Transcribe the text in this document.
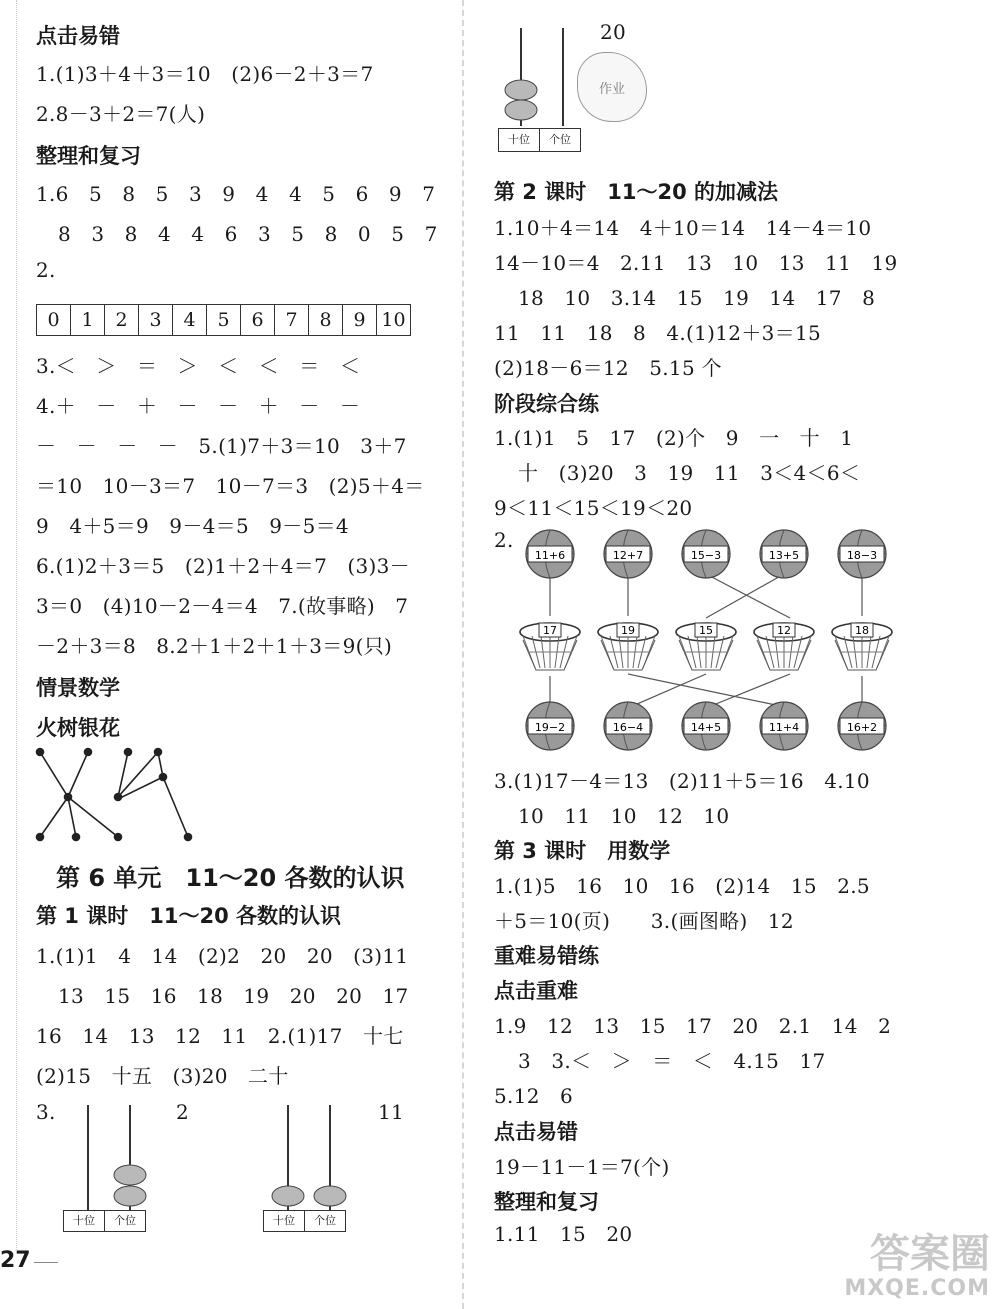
点击易错
1.(1)3＋4＋3＝10　(2)6－2＋3＝7
2.8－3＋2＝7(人)
整理和复习
1.6　5　8　5　3　9　4　4　5　6　9　7
8　3　8　4　4　6　3　5　8　0　5　7
2.
0	1	2	3	4	5	6	7	8	9 10
3.＜　＞　＝　＞　＜　＜　＝　＜
4.＋　－　＋　－　－　＋　－　－
－　－　－　－　5.(1)7＋3＝10　3＋7
＝10　10－3＝7　10－7＝3　(2)5＋4＝
9　4＋5＝9　9－4＝5　9－5＝4
6.(1)2＋3＝5　(2)1＋2＋4＝7　(3)3－
3＝0　(4)10－2－4＝4　7.(故事略)　7
－2＋3＝8　8.2＋1＋2＋1＋3＝9(只)
情景数学
火树银花
第 6 单元　11～20 各数的认识
第 1 课时　11～20 各数的认识
1.(1)1　4　14　(2)2　20　20　(3)11
13　15　16　18　19　20　20　17
16　14　13　12　11　2.(1)17　十七
(2)15　十五　(3)20　二十
3.	2
十位	个位
11
十位	个位
20
十位	个位
作业
第 2 课时　11～20 的加减法
1.10＋4＝14　4＋10＝14　14－4＝10
14－10＝4　2.11　13　10　13　11　19
18　10　3.14　15　19　14　17　8
11　11　18　8　4.(1)12＋3＝15
(2)18－6＝12　5.15 个
阶段综合练
1.(1)1　5　17　(2)个　9　一　十　1
十　(3)20　3　19　11　3＜4＜6＜
9＜11＜15＜19＜20
2.
11+6	12+7	15−3	13+5	18−3
17	19	15	12	18
19−2	16−4	14+5	11+4	16+2
3.(1)17－4＝13　(2)11＋5＝16　4.10
10　11　10　12　10
第 3 课时　用数学
1.(1)5　16　10　16　(2)14　15　2.5
＋5＝10(页)　　3.(画图略)　12
重难易错练
点击重难
1.9　12　13　15　17　20　2.1　14　2
3　3.＜　＞　＝　＜　4.15　17
5.12　6
点击易错
19－11－1＝7(个)
整理和复习
1.11　15　20
27	答案圈
MXQE.COM
